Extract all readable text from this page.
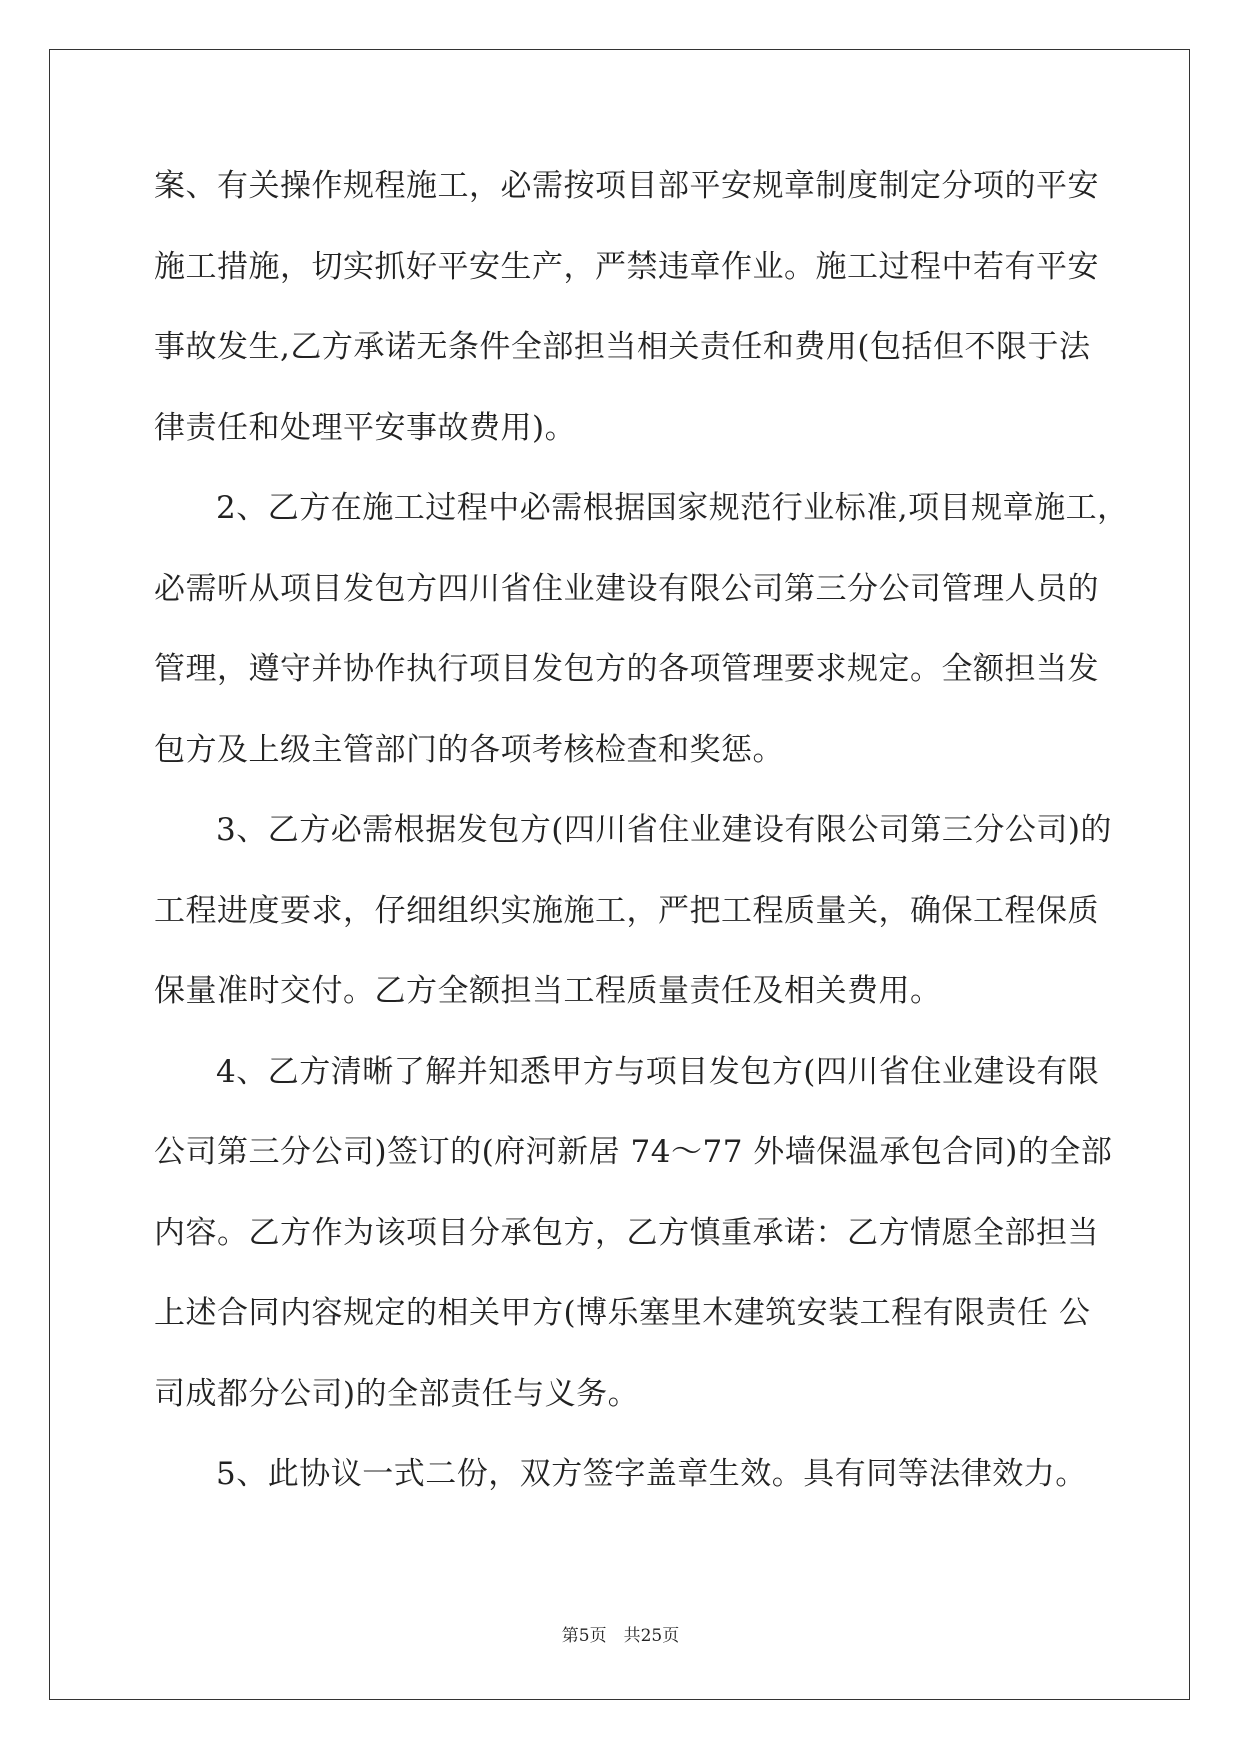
案、有关操作规程施工，必需按项目部平安规章制度制定分项的平安
施工措施，切实抓好平安生产，严禁违章作业。施工过程中若有平安
事故发生,乙方承诺无条件全部担当相关责任和费用(包括但不限于法
律责任和处理平安事故费用)。
2、乙方在施工过程中必需根据国家规范行业标准,项目规章施工，
必需听从项目发包方四川省住业建设有限公司第三分公司管理人员的
管理，遵守并协作执行项目发包方的各项管理要求规定。全额担当发
包方及上级主管部门的各项考核检查和奖惩。
3、乙方必需根据发包方(四川省住业建设有限公司第三分公司)的
工程进度要求，仔细组织实施施工，严把工程质量关，确保工程保质
保量准时交付。乙方全额担当工程质量责任及相关费用。
4、乙方清晰了解并知悉甲方与项目发包方(四川省住业建设有限
公司第三分公司)签订的(府河新居 74～77 外墙保温承包合同)的全部
内容。乙方作为该项目分承包方，乙方慎重承诺：乙方情愿全部担当
上述合同内容规定的相关甲方(博乐塞里木建筑安装工程有限责任 公
司成都分公司)的全部责任与义务。
5、此协议一式二份，双方签字盖章生效。具有同等法律效力。
第5页　共25页
